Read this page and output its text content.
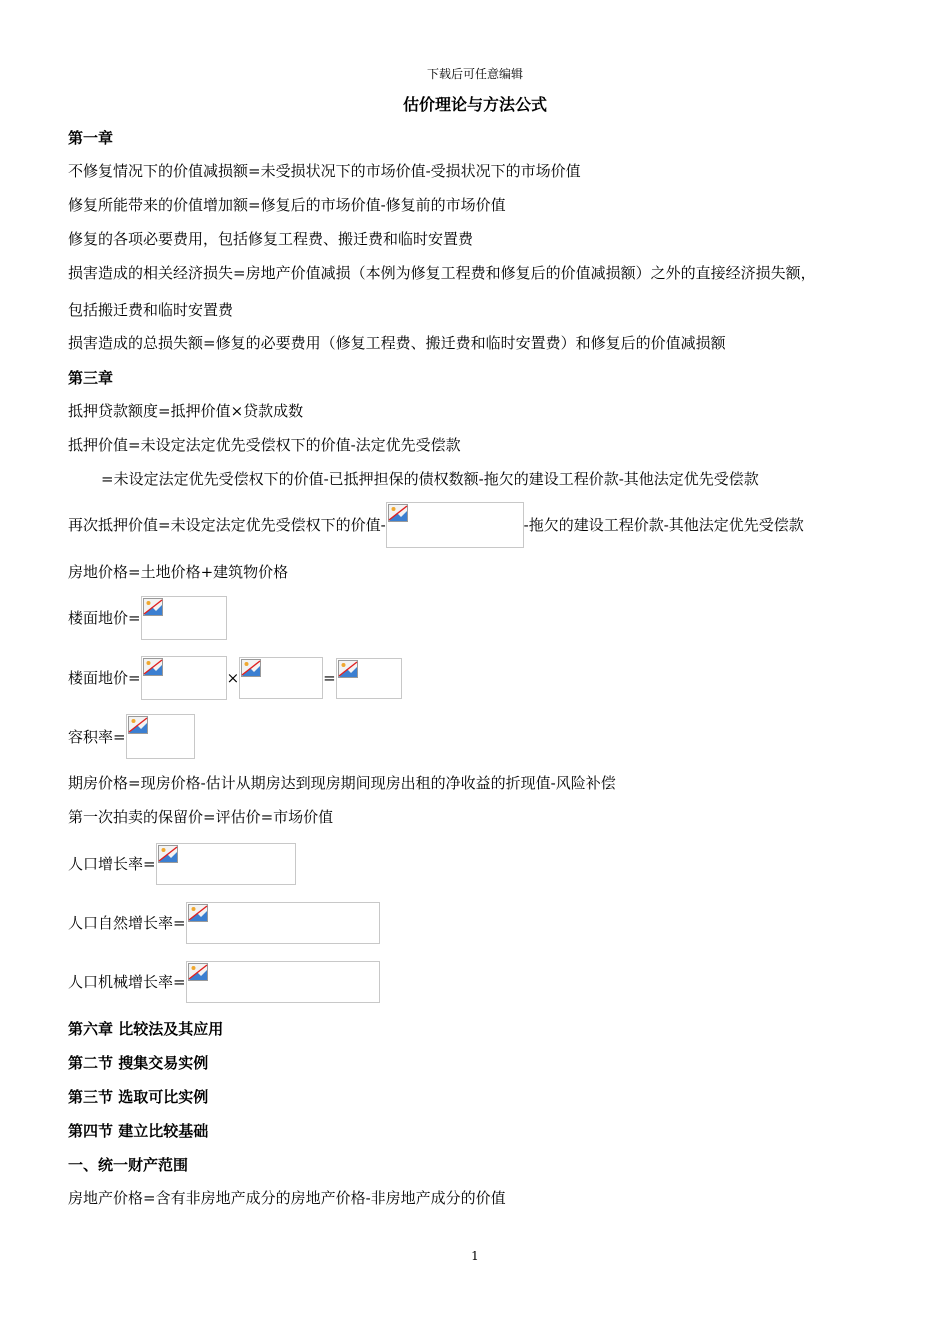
下载后可任意编辑
估价理论与方法公式
第一章
不修复情况下的价值减损额=未受损状况下的市场价值-受损状况下的市场价值
修复所能带来的价值增加额=修复后的市场价值-修复前的市场价值
修复的各项必要费用，包括修复工程费、搬迁费和临时安置费
损害造成的相关经济损失=房地产价值减损（本例为修复工程费和修复后的价值减损额）之外的直接经济损失额，
包括搬迁费和临时安置费
损害造成的总损失额=修复的必要费用（修复工程费、搬迁费和临时安置费）和修复后的价值减损额
第三章
抵押贷款额度=抵押价值×贷款成数
抵押价值=未设定法定优先受偿权下的价值-法定优先受偿款
=未设定法定优先受偿权下的价值-已抵押担保的债权数额-拖欠的建设工程价款-其他法定优先受偿款
再次抵押价值=未设定法定优先受偿权下的价值-	-拖欠的建设工程价款-其他法定优先受偿款
房地价格=土地价格+建筑物价格
楼面地价=
楼面地价=	×	=
容积率=
期房价格=现房价格-估计从期房达到现房期间现房出租的净收益的折现值-风险补偿
第一次拍卖的保留价=评估价=市场价值
人口增长率=
人口自然增长率=
人口机械增长率=
第六章 比较法及其应用
第二节 搜集交易实例
第三节 选取可比实例
第四节 建立比较基础
一、统一财产范围
房地产价格=含有非房地产成分的房地产价格-非房地产成分的价值
1
